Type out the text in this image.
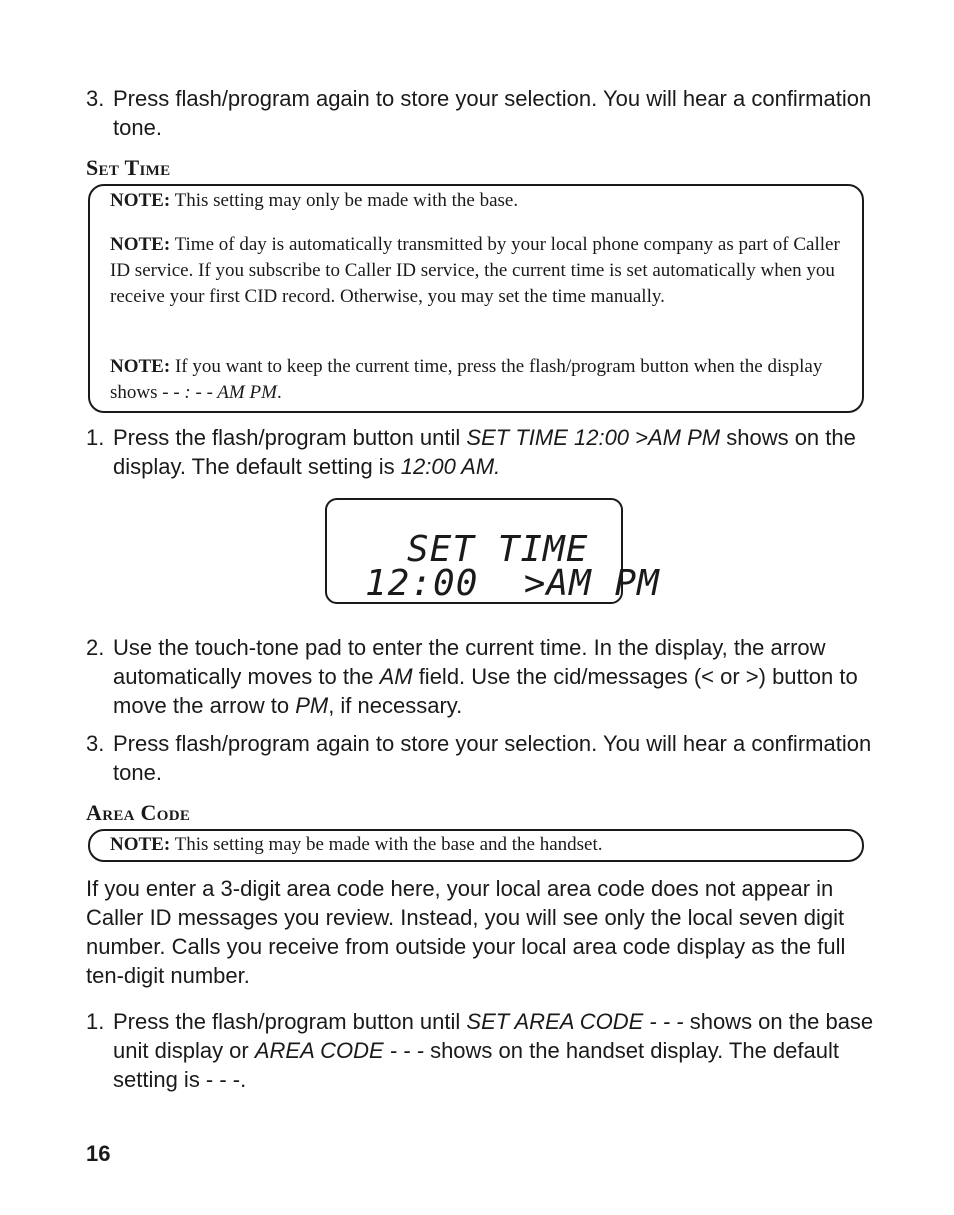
3. Press flash/program again to store your selection. You will hear a confirmation tone.
Set Time
NOTE: This setting may only be made with the base.
NOTE: Time of day is automatically transmitted by your local phone company as part of Caller ID service. If you subscribe to Caller ID service, the current time is set automatically when you receive your first CID record. Otherwise, you may set the time manually.
NOTE: If you want to keep the current time, press the flash/program button when the display shows - - : - - AM PM.
1. Press the flash/program button until SET TIME 12:00 >AM PM shows on the display. The default setting is 12:00 AM.
SET TIME
12:00  >AM PM
2. Use the touch-tone pad to enter the current time. In the display, the arrow automatically moves to the AM field. Use the cid/messages (< or >) button to move the arrow to PM, if necessary.
3. Press flash/program again to store your selection. You will hear a confirmation tone.
Area Code
NOTE: This setting may be made with the base and the handset.
If you enter a 3-digit area code here, your local area code does not appear in Caller ID messages you review. Instead, you will see only the local seven digit number. Calls you receive from outside your local area code display as the full ten-digit number.
1. Press the flash/program button until SET AREA CODE - - - shows on the base unit display or AREA CODE - - - shows on the handset display. The default setting is - - -.
16
